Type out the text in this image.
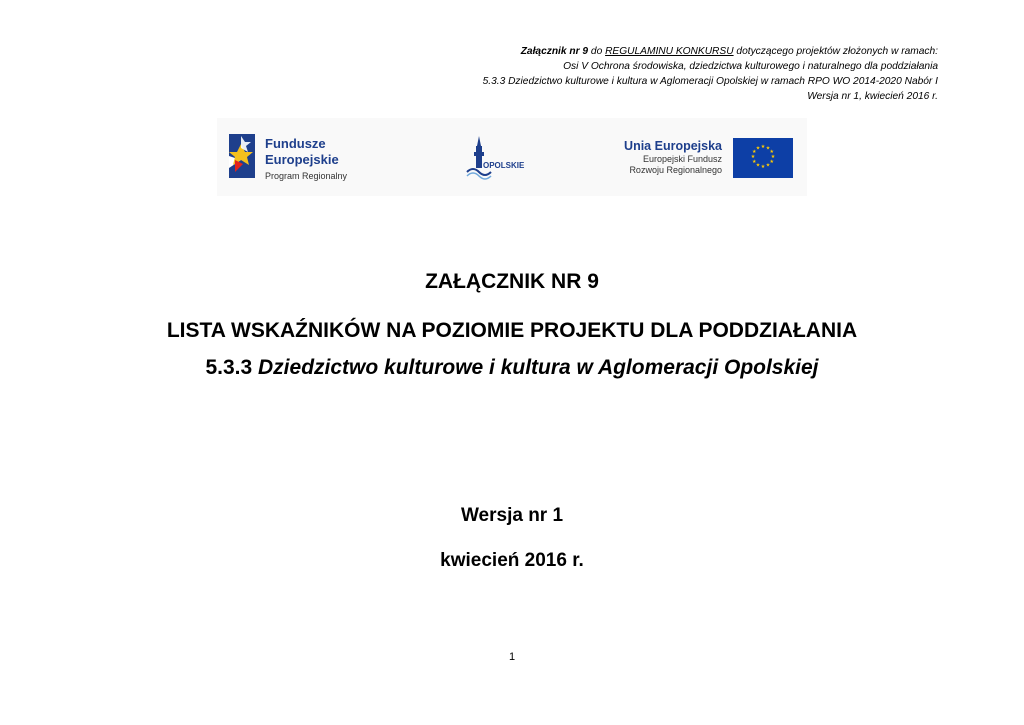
Załącznik nr 9 do REGULAMINU KONKURSU dotyczącego projektów złożonych w ramach:
Osi V Ochrona środowiska, dziedzictwa kulturowego i naturalnego dla poddziałania
5.3.3 Dziedzictwo kulturowe i kultura w Aglomeracji Opolskiej w ramach RPO WO 2014-2020 Nabór I
Wersja nr 1, kwiecień 2016 r.
Fundusze
Europejskie
Program Regionalny
OPOLSKIE
Unia Europejska
Europejski Fundusz
Rozwoju Regionalnego
★ ★
★
★
★
★
★
★
★
★
★
★
ZAŁĄCZNIK NR 9
LISTA WSKAŹNIKÓW NA POZIOMIE PROJEKTU DLA PODDZIAŁANIA
5.3.3 Dziedzictwo kulturowe i kultura w Aglomeracji Opolskiej
Wersja nr 1
kwiecień 2016 r.
1
